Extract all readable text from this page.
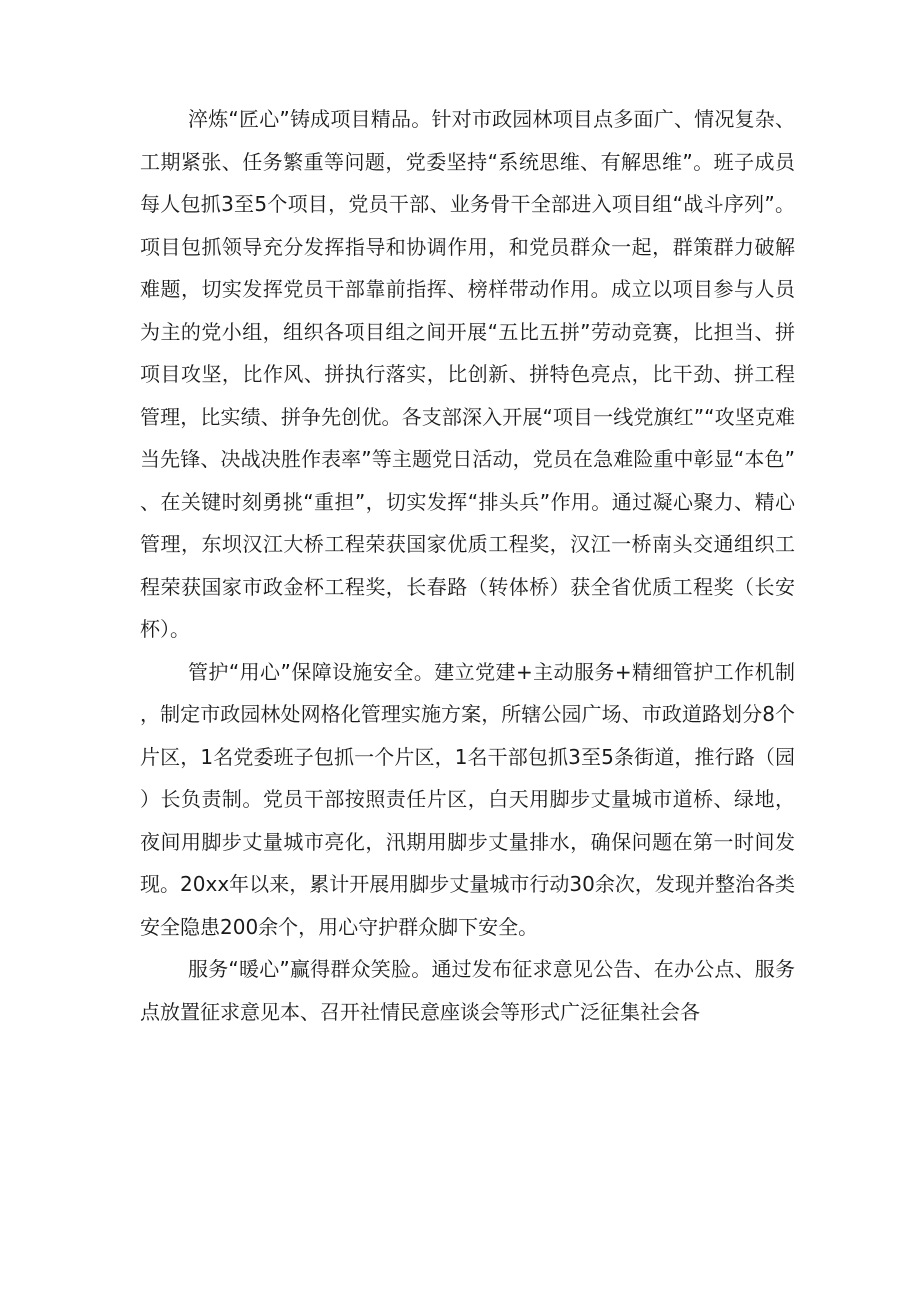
淬炼“匠心”铸成项目精品。针对市政园林项目点多面广、情况复杂、工期紧张、任务繁重等问题，党委坚持“系统思维、有解思维”。班子成员每人包抓3至5个项目，党员干部、业务骨干全部进入项目组“战斗序列”。项目包抓领导充分发挥指导和协调作用，和党员群众一起，群策群力破解难题，切实发挥党员干部靠前指挥、榜样带动作用。成立以项目参与人员为主的党小组，组织各项目组之间开展“五比五拼”劳动竞赛，比担当、拼项目攻坚，比作风、拼执行落实，比创新、拼特色亮点，比干劲、拼工程管理，比实绩、拼争先创优。各支部深入开展“项目一线党旗红”“攻坚克难当先锋、决战决胜作表率”等主题党日活动，党员在急难险重中彰显“本色”、在关键时刻勇挑“重担”，切实发挥“排头兵”作用。通过凝心聚力、精心管理，东坝汉江大桥工程荣获国家优质工程奖，汉江一桥南头交通组织工程荣获国家市政金杯工程奖，长春路（转体桥）获全省优质工程奖（长安杯）。

管护“用心”保障设施安全。建立党建+主动服务+精细管护工作机制，制定市政园林处网格化管理实施方案，所辖公园广场、市政道路划分8个片区，1名党委班子包抓一个片区，1名干部包抓3至5条街道，推行路（园）长负责制。党员干部按照责任片区，白天用脚步丈量城市道桥、绿地，夜间用脚步丈量城市亮化，汛期用脚步丈量排水，确保问题在第一时间发现。20xx年以来，累计开展用脚步丈量城市行动30余次，发现并整治各类安全隐患200余个，用心守护群众脚下安全。

服务“暖心”赢得群众笑脸。通过发布征求意见公告、在办公点、服务点放置征求意见本、召开社情民意座谈会等形式广泛征集社会各
